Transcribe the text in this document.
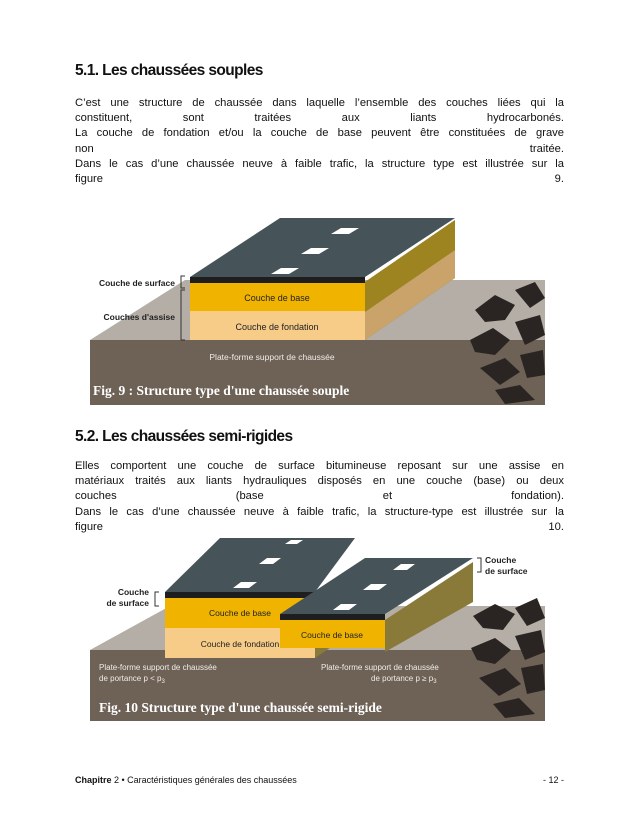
5.1. Les chaussées souples

C’est une structure de chaussée dans laquelle l’ensemble des couches liées qui la
constituent, sont traitées aux liants hydrocarbonés.
La couche de fondation et/ou la couche de base peuvent être constituées de grave
non traitée.
Dans le cas d’une chaussée neuve à faible trafic, la structure type est illustrée sur la
figure 9.

Couche de base
Couche de fondation
Couche de surface
Couches d'assise
Plate-forme support de chaussée
Fig. 9 : Structure type d'une chaussée souple
5.2. Les chaussées semi-rigides

Elles comportent une couche de surface bitumineuse reposant sur une assise en
matériaux traités aux liants hydrauliques disposés en une couche (base) ou deux
couches (base et fondation).
Dans le cas d’une chaussée neuve à faible trafic, la structure-type est illustrée sur la
figure 10.

Couche de base
Couche de fondation
Couche de base
Couche
de surface
Couche
de surface
Plate-forme support de chaussée
de portance $p < p_3$
Plate-forme support de chaussée
de portance $p \ge p_3$
Fig. 10 Structure type d'une chaussée semi-rigide
Chapitre 2 • Caractéristiques générales des chaussées	- 12 -
